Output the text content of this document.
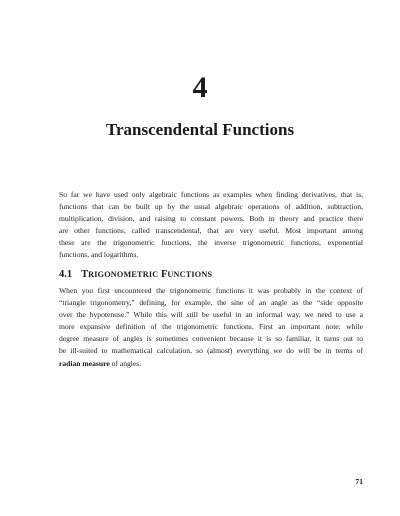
4
Transcendental Functions
So far we have used only algebraic functions as examples when finding derivatives, that is,
functions that can be built up by the usual algebraic operations of addition, subtraction,
multiplication, division, and raising to constant powers. Both in theory and practice there
are other functions, called transcendental, that are very useful. Most important among
these are the trigonometric functions, the inverse trigonometric functions, exponential
functions, and logarithms.
4.1 TRIGONOMETRIC FUNCTIONS
When you first encountered the trigonometric functions it was probably in the context of
“triangle trigonometry,” defining, for example, the sine of an angle as the “side opposite
over the hypotenuse.” While this will still be useful in an informal way, we need to use a
more expansive definition of the trigonometric functions. First an important note: while
degree measure of angles is sometimes convenient because it is so familiar, it turns out to
be ill-suited to mathematical calculation, so (almost) everything we do will be in terms of
radian measure of angles.
71
